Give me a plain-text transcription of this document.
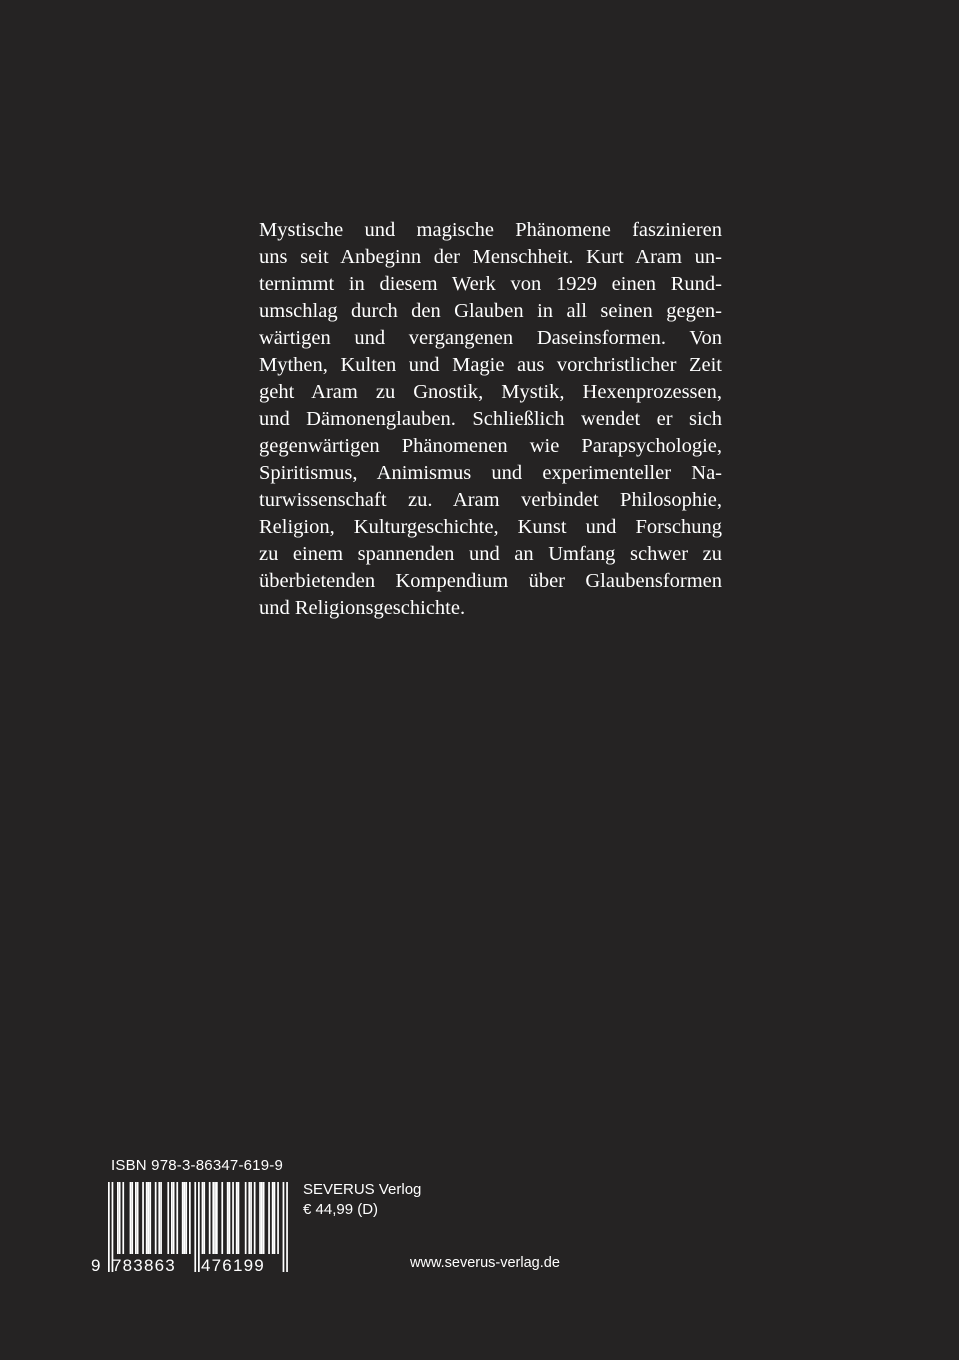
Mystische und magische Phänomene faszinieren
uns seit Anbeginn der Menschheit. Kurt Aram un-
ternimmt in diesem Werk von 1929 einen Rund-
umschlag durch den Glauben in all seinen gegen-
wärtigen und vergangenen Daseinsformen. Von
Mythen, Kulten und Magie aus vorchristlicher Zeit
geht Aram zu Gnostik, Mystik, Hexenprozessen,
und Dämonenglauben. Schließlich wendet er sich
gegenwärtigen Phänomenen wie Parapsychologie,
Spiritismus, Animismus und experimenteller Na-
turwissenschaft zu. Aram verbindet Philosophie,
Religion, Kulturgeschichte, Kunst und Forschung
zu einem spannenden und an Umfang schwer zu
überbietenden Kompendium über Glaubensformen
und Religionsgeschichte.
ISBN 978-3-86347-619-9
9 783863 476199
SEVERUS Verlog
€ 44,99 (D)
www.severus-verlag.de
